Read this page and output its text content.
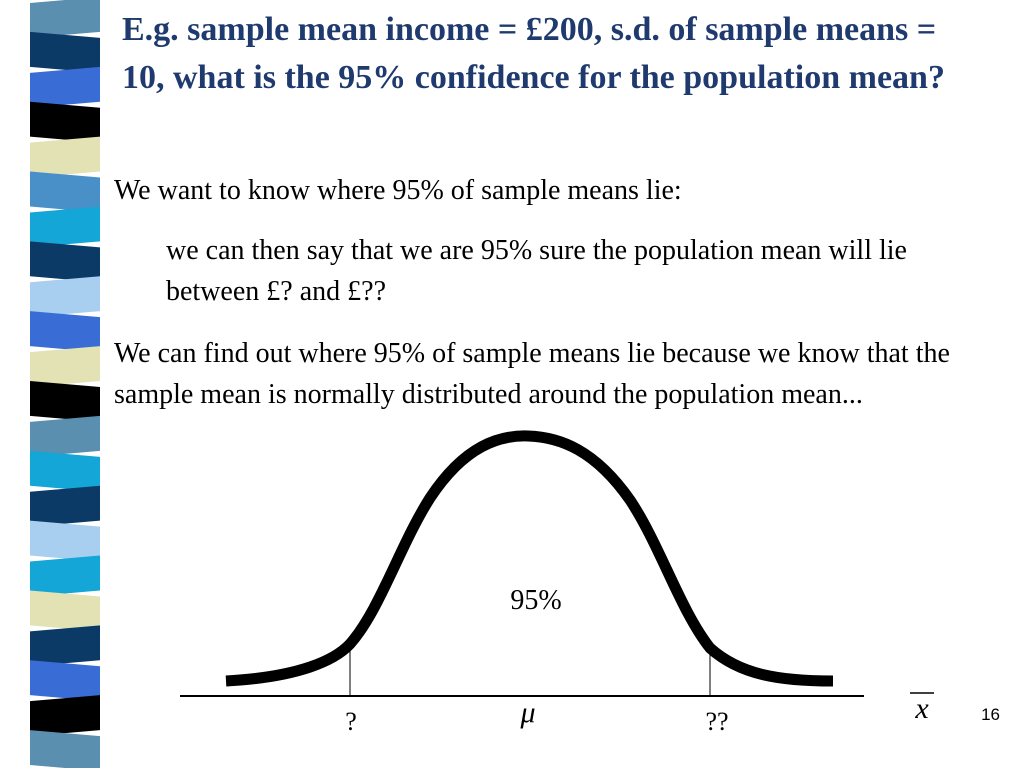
E.g. sample mean income = £200, s.d. of sample means = 10, what is the 95% confidence for the population mean?

We want to know where 95% of sample means lie:

we can then say that we are 95% sure the population mean will lie between £? and £??

We can find out where 95% of sample means lie because we know that the sample mean is normally distributed around the population mean...

95%
μ
?	??	x	16
